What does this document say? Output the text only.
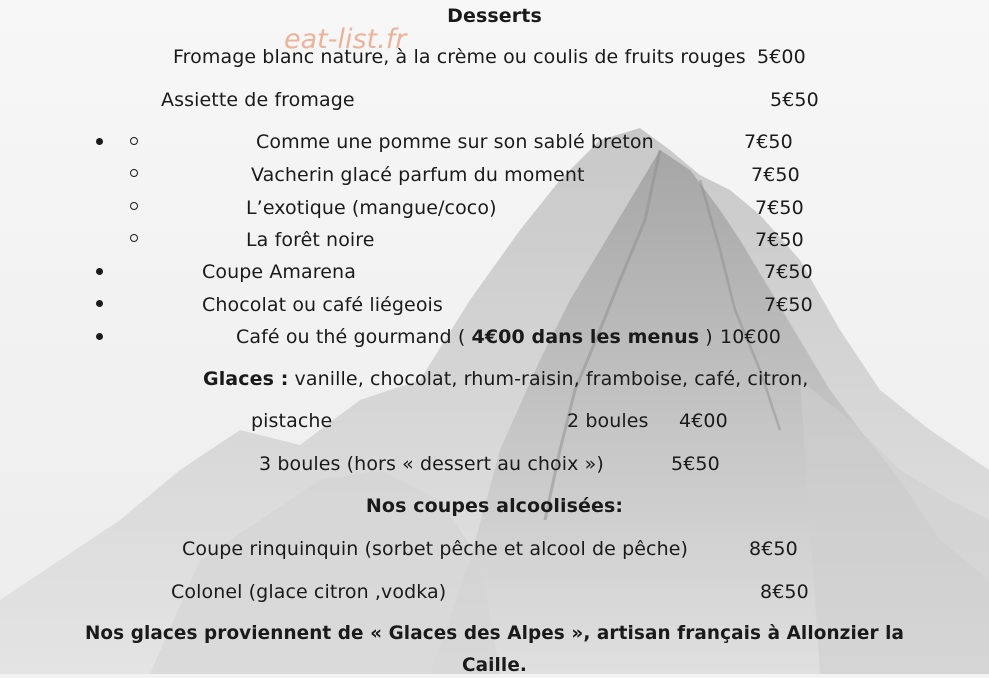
eat-list.fr
Desserts
Fromage blanc nature, à la crème ou coulis de fruits rouges 5€00
Assiette de fromage	5€50
Comme une pomme sur son sablé breton	7€50
Vacherin glacé parfum du moment	7€50
L’exotique (mangue/coco)	7€50
La forêt noire	7€50
Coupe Amarena	7€50
Chocolat ou café liégeois	7€50
Café ou thé gourmand ( 4€00 dans les menus ) 10€00
Glaces : vanille, chocolat, rhum-raisin, framboise, café, citron,
pistache	2 boules 4€00
3 boules (hors « dessert au choix »)	5€50
Nos coupes alcoolisées:
Coupe rinquinquin (sorbet pêche et alcool de pêche)	8€50
Colonel (glace citron ,vodka)	8€50
Nos glaces proviennent de « Glaces des Alpes », artisan français à Allonzier la
Caille.
